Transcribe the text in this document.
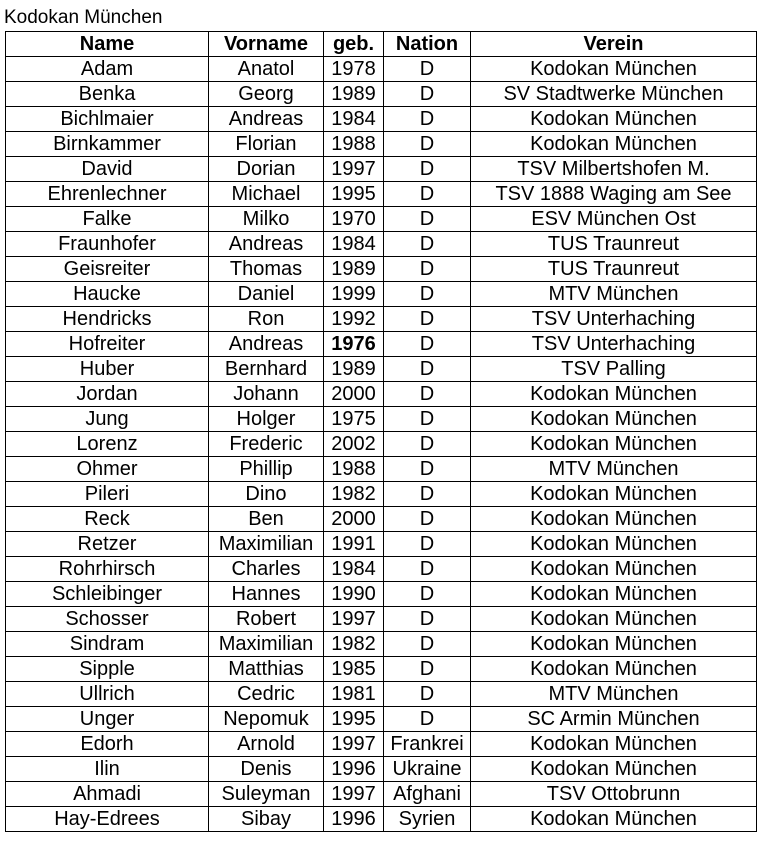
Kodokan München
Name	Vorname	geb.	Nation	Verein
Adam	Anatol	1978	D	Kodokan München
Benka	Georg	1989	D	SV Stadtwerke München
Bichlmaier	Andreas	1984	D	Kodokan München
Birnkammer	Florian	1988	D	Kodokan München
David	Dorian	1997	D	TSV Milbertshofen M.
Ehrenlechner	Michael	1995	D	TSV 1888 Waging am See
Falke	Milko	1970	D	ESV München Ost
Fraunhofer	Andreas	1984	D	TUS Traunreut
Geisreiter	Thomas	1989	D	TUS Traunreut
Haucke	Daniel	1999	D	MTV München
Hendricks	Ron	1992	D	TSV Unterhaching
Hofreiter	Andreas	1976	D	TSV Unterhaching
Huber	Bernhard	1989	D	TSV Palling
Jordan	Johann	2000	D	Kodokan München
Jung	Holger	1975	D	Kodokan München
Lorenz	Frederic	2002	D	Kodokan München
Ohmer	Phillip	1988	D	MTV München
Pileri	Dino	1982	D	Kodokan München
Reck	Ben	2000	D	Kodokan München
Retzer	Maximilian	1991	D	Kodokan München
Rohrhirsch	Charles	1984	D	Kodokan München
Schleibinger	Hannes	1990	D	Kodokan München
Schosser	Robert	1997	D	Kodokan München
Sindram	Maximilian	1982	D	Kodokan München
Sipple	Matthias	1985	D	Kodokan München
Ullrich	Cedric	1981	D	MTV München
Unger	Nepomuk	1995	D	SC Armin München
Edorh	Arnold	1997	Frankrei	Kodokan München
Ilin	Denis	1996	Ukraine	Kodokan München
Ahmadi	Suleyman	1997	Afghani	TSV Ottobrunn
Hay-Edrees	Sibay	1996	Syrien	Kodokan München
